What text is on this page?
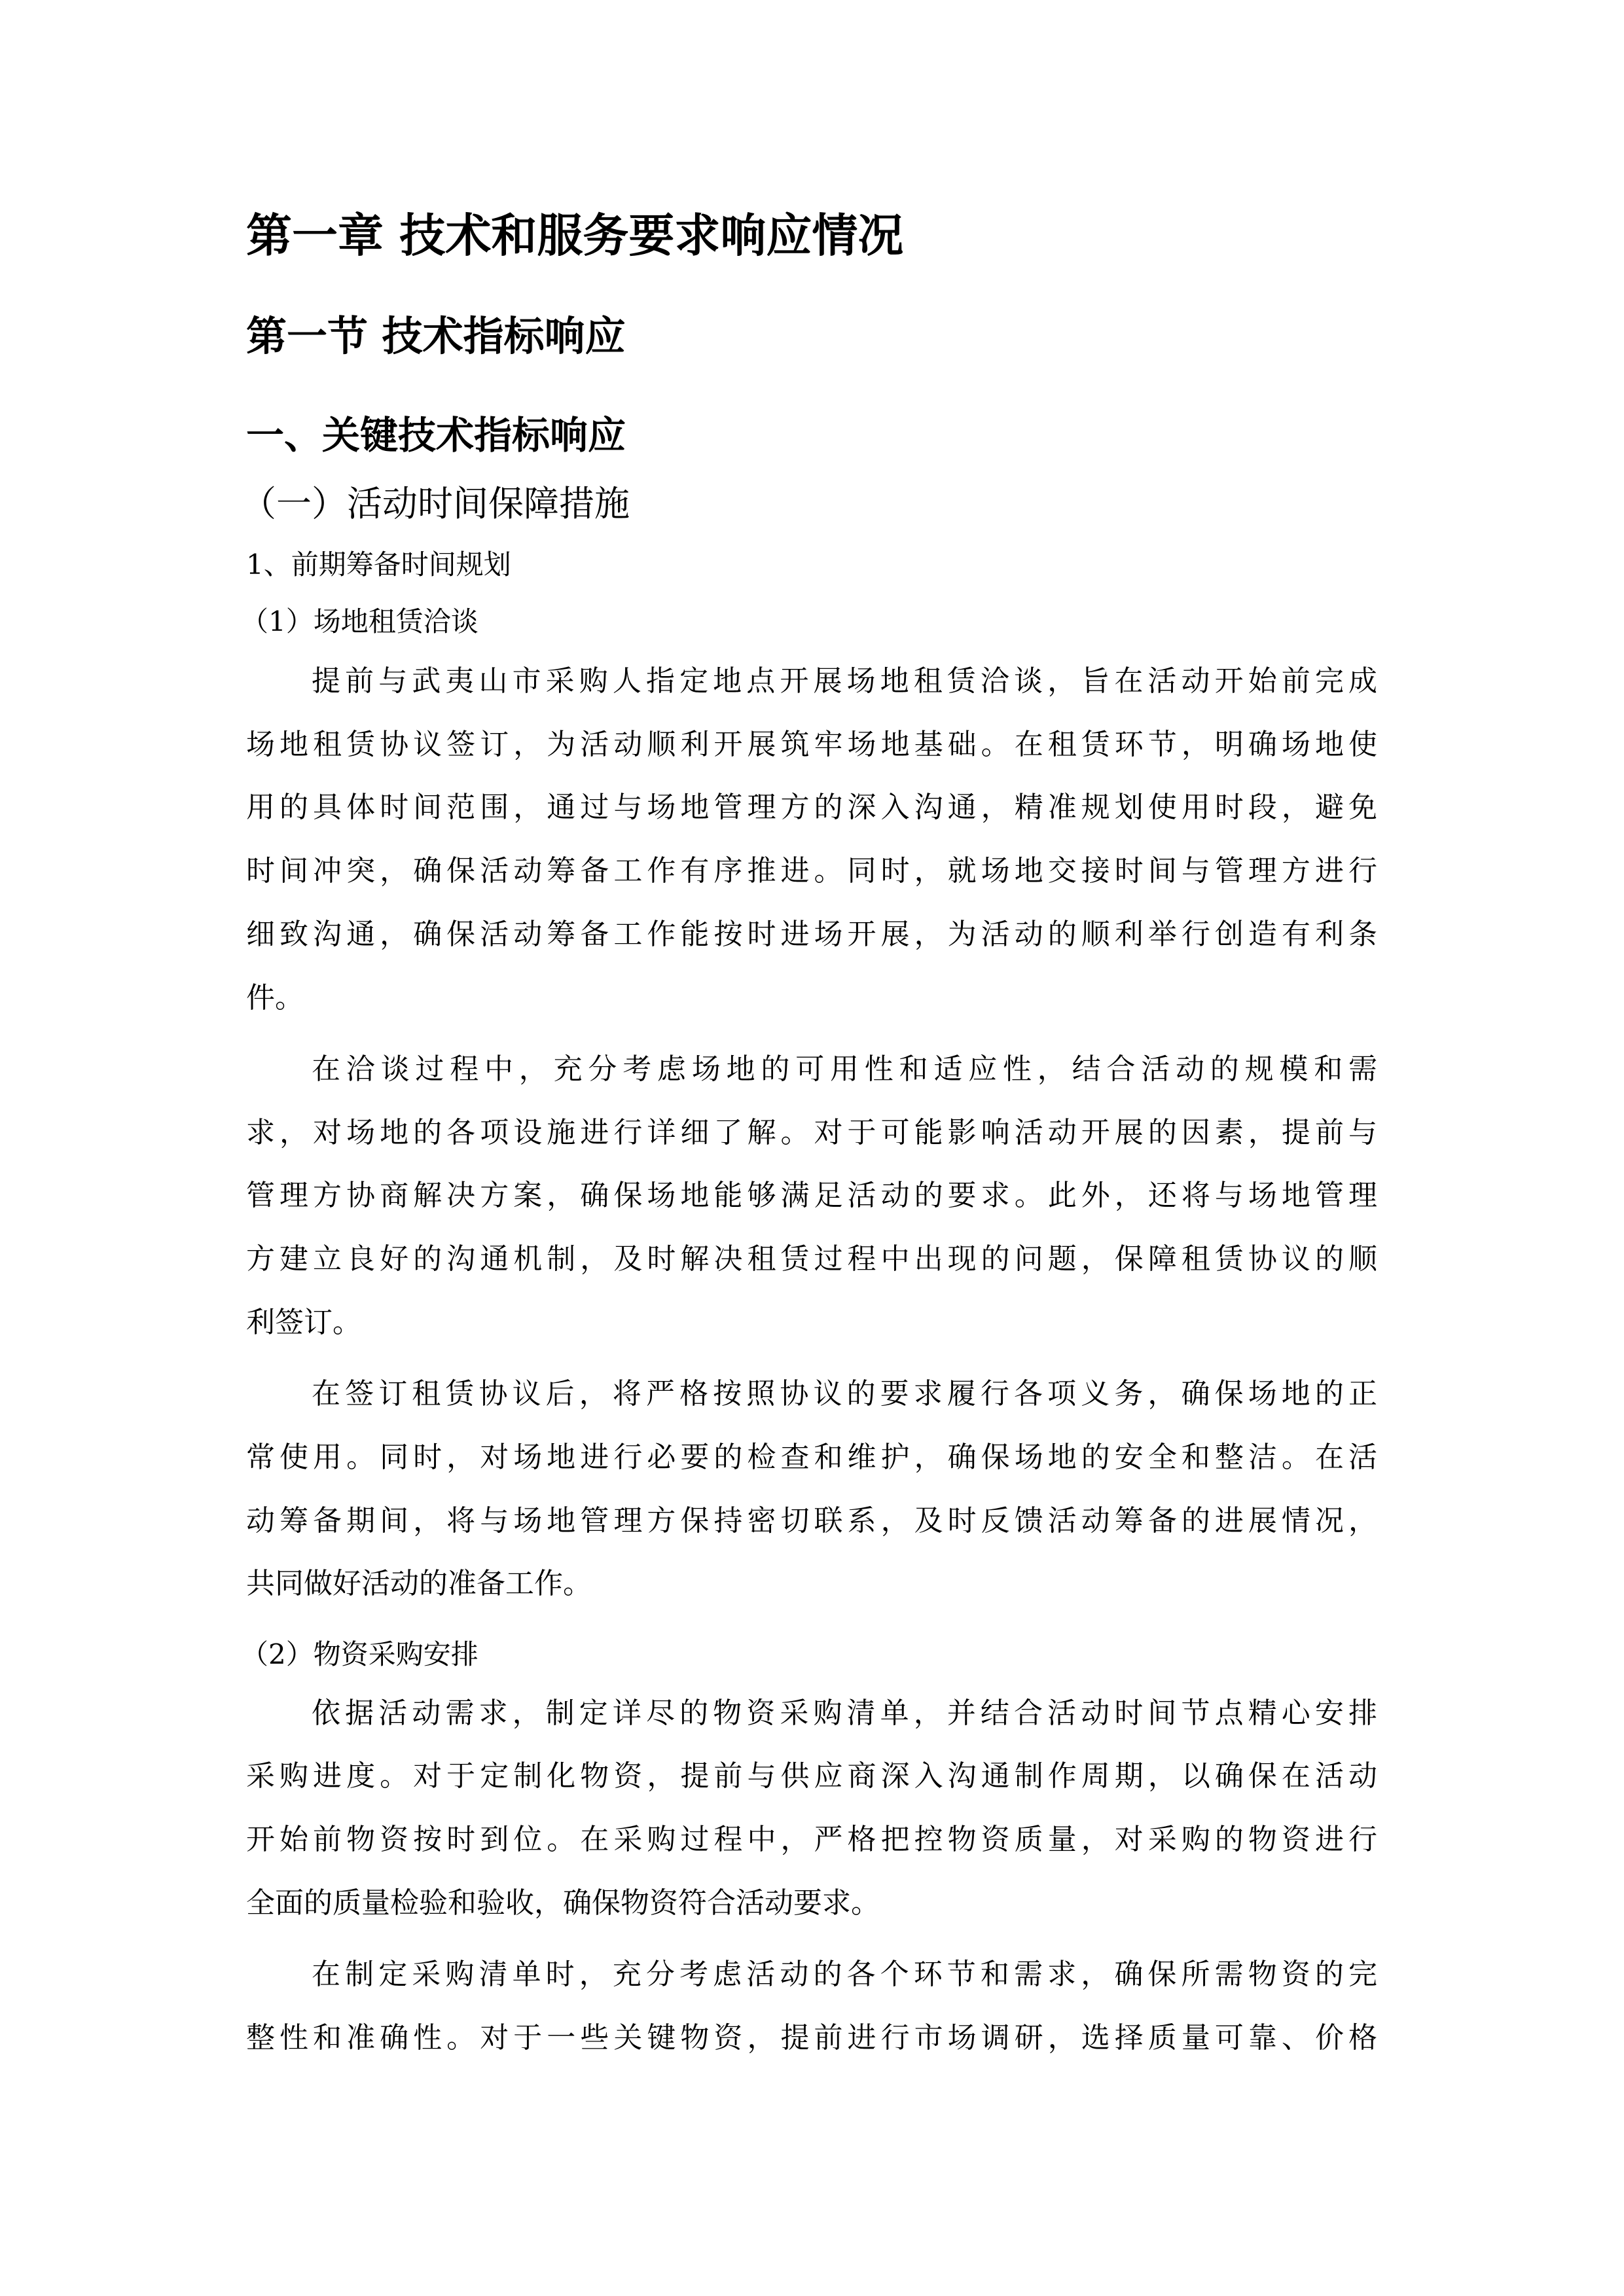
第一章 技术和服务要求响应情况
第一节 技术指标响应
一、关键技术指标响应
（一）活动时间保障措施
1、前期筹备时间规划
（1）场地租赁洽谈
提前与武夷山市采购人指定地点开展场地租赁洽谈，旨在活动开始前完成
场地租赁协议签订，为活动顺利开展筑牢场地基础。在租赁环节，明确场地使
用的具体时间范围，通过与场地管理方的深入沟通，精准规划使用时段，避免
时间冲突，确保活动筹备工作有序推进。同时，就场地交接时间与管理方进行
细致沟通，确保活动筹备工作能按时进场开展，为活动的顺利举行创造有利条
件。
在洽谈过程中，充分考虑场地的可用性和适应性，结合活动的规模和需
求，对场地的各项设施进行详细了解。对于可能影响活动开展的因素，提前与
管理方协商解决方案，确保场地能够满足活动的要求。此外，还将与场地管理
方建立良好的沟通机制，及时解决租赁过程中出现的问题，保障租赁协议的顺
利签订。
在签订租赁协议后，将严格按照协议的要求履行各项义务，确保场地的正
常使用。同时，对场地进行必要的检查和维护，确保场地的安全和整洁。在活
动筹备期间，将与场地管理方保持密切联系，及时反馈活动筹备的进展情况，
共同做好活动的准备工作。
（2）物资采购安排
依据活动需求，制定详尽的物资采购清单，并结合活动时间节点精心安排
采购进度。对于定制化物资，提前与供应商深入沟通制作周期，以确保在活动
开始前物资按时到位。在采购过程中，严格把控物资质量，对采购的物资进行
全面的质量检验和验收，确保物资符合活动要求。
在制定采购清单时，充分考虑活动的各个环节和需求，确保所需物资的完
整性和准确性。对于一些关键物资，提前进行市场调研，选择质量可靠、价格
